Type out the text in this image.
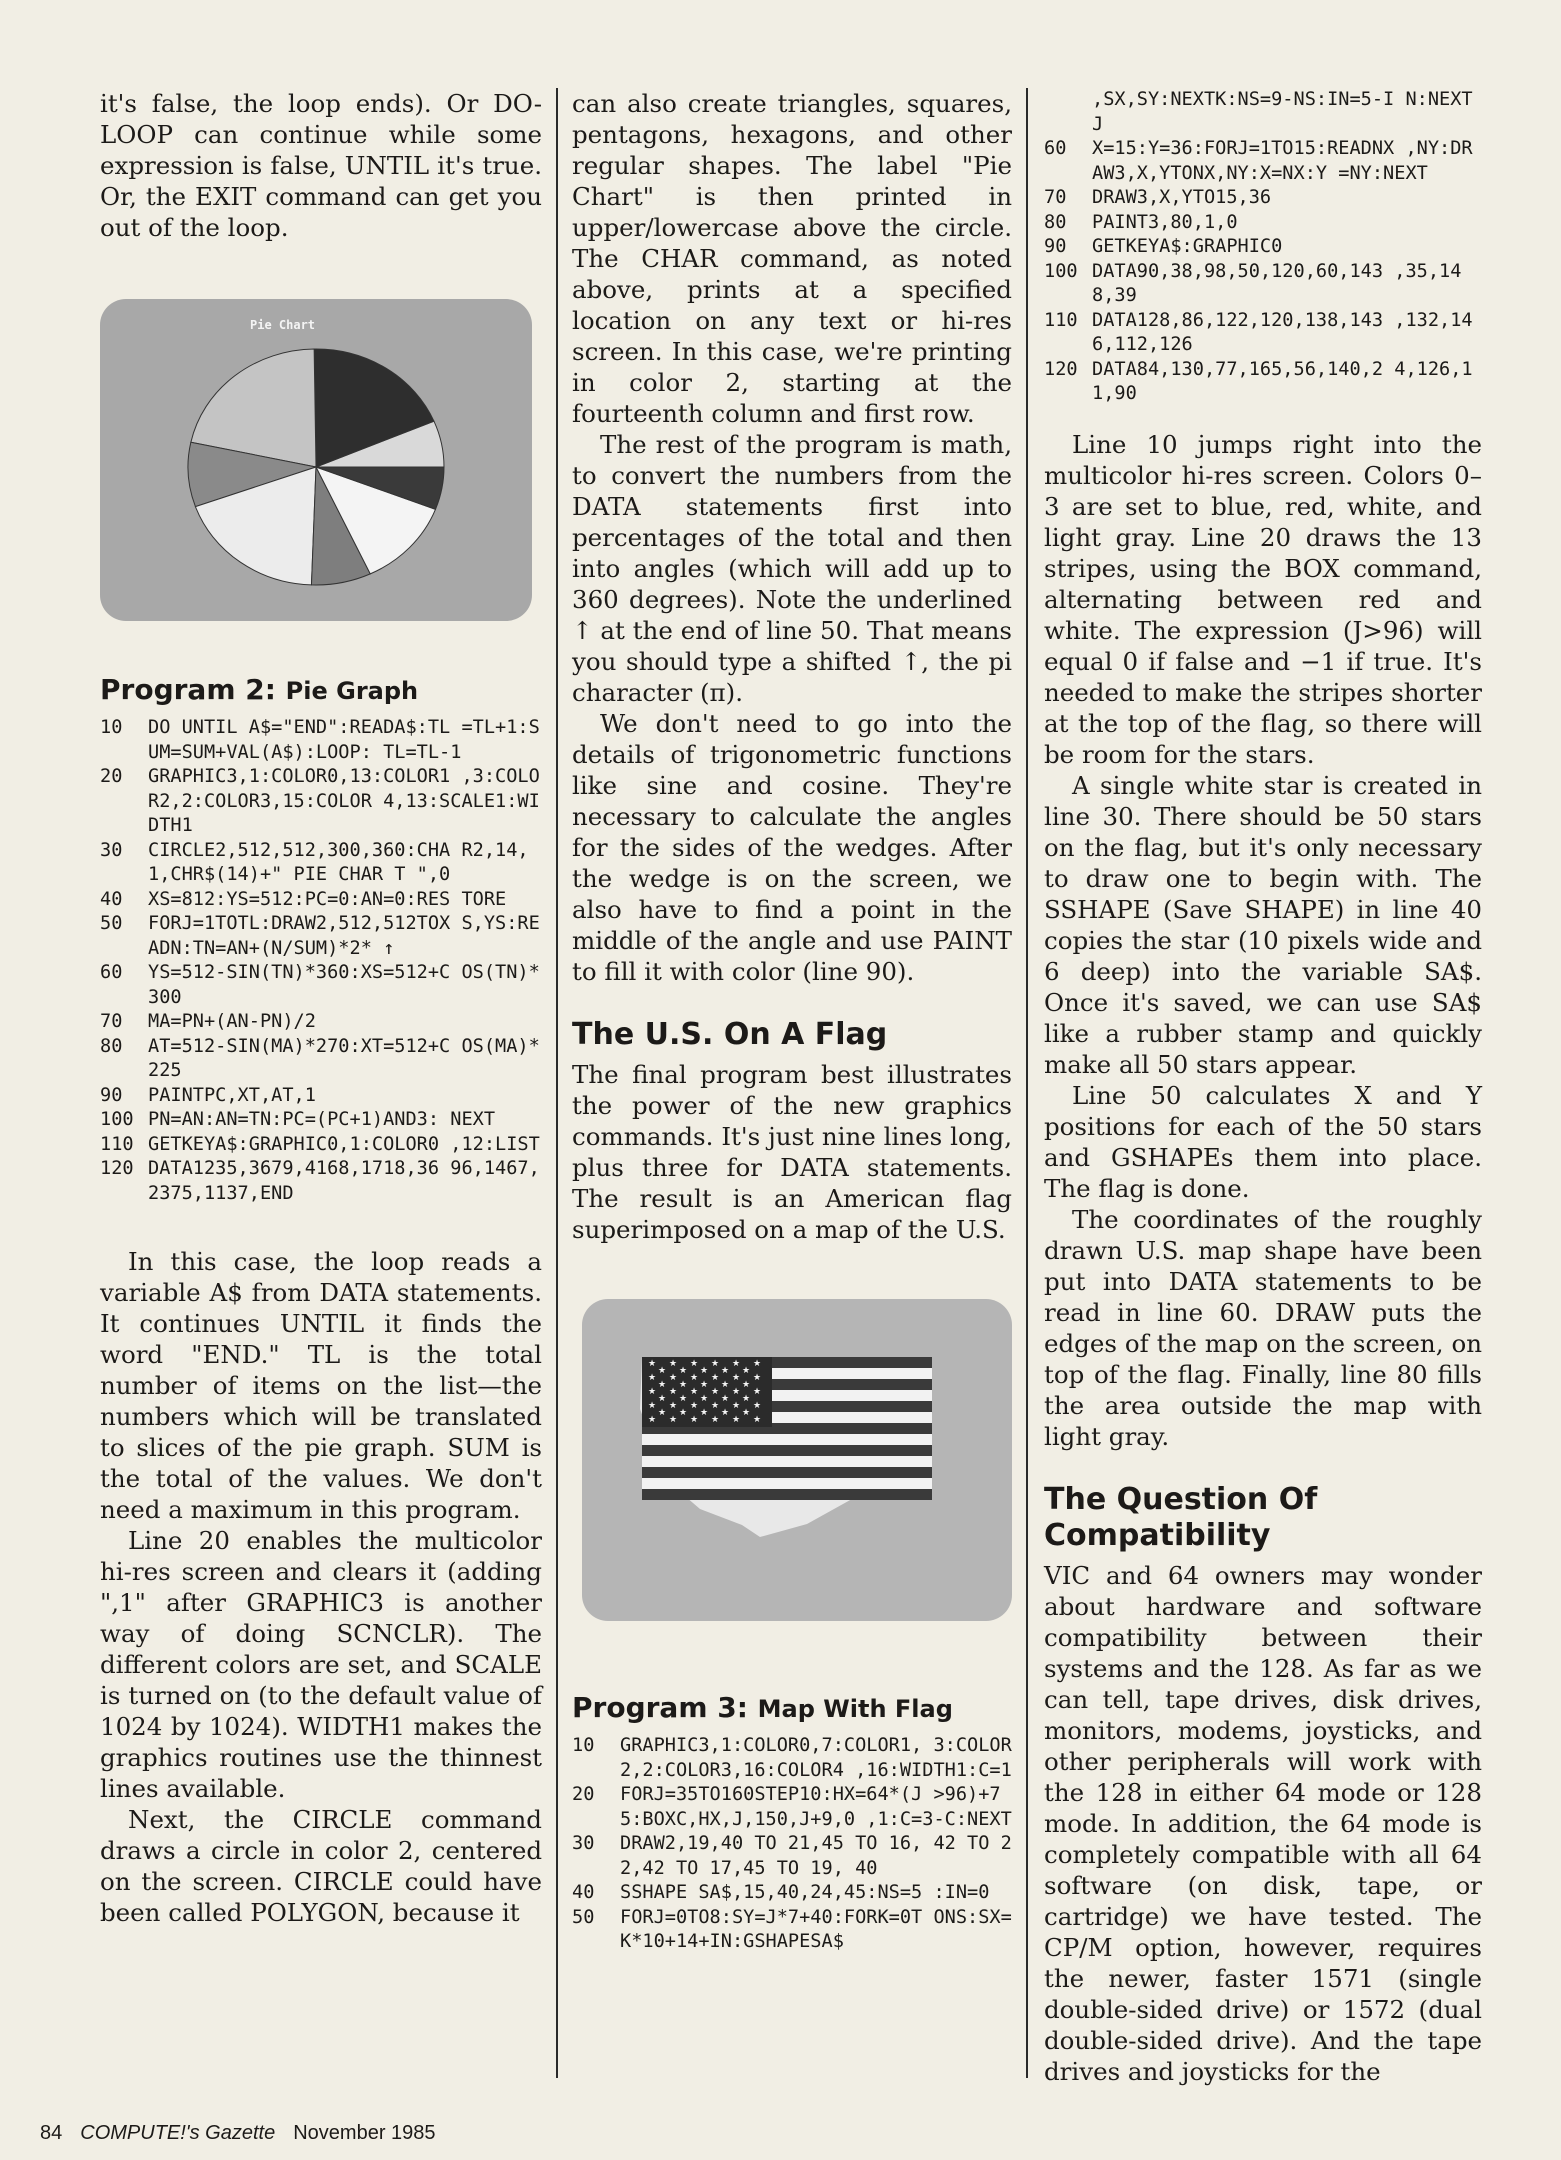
it's false, the loop ends). Or DO-LOOP can continue while some expression is false, UNTIL it's true. Or, the EXIT command can get you out of the loop.

Pie Chart
Program 2: Pie Graph
10	DO UNTIL A$="END":READA$:TL =TL+1:SUM=SUM+VAL(A$):LOOP: TL=TL-1
20	GRAPHIC3,1:COLOR0,13:COLOR1 ,3:COLOR2,2:COLOR3,15:COLOR 4,13:SCALE1:WIDTH1
30	CIRCLE2,512,512,300,360:CHA R2,14,1,CHR$(14)+" PIE CHAR T ",0
40	XS=812:YS=512:PC=0:AN=0:RES TORE
50	FORJ=1TOTL:DRAW2,512,512TOX S,YS:READN:TN=AN+(N/SUM)*2* ↑
60	YS=512-SIN(TN)*360:XS=512+C OS(TN)*300
70	MA=PN+(AN-PN)/2
80	AT=512-SIN(MA)*270:XT=512+C OS(MA)*225
90	PAINTPC,XT,AT,1
100 PN=AN:AN=TN:PC=(PC+1)AND3: NEXT
110 GETKEYA$:GRAPHIC0,1:COLOR0 ,12:LIST
120 DATA1235,3679,4168,1718,36 96,1467,2375,1137,END

In this case, the loop reads a variable A$ from DATA statements. It continues UNTIL it finds the word "END." TL is the total number of items on the list—the numbers which will be translated to slices of the pie graph. SUM is the total of the values. We don't need a maximum in this program.

Line 20 enables the multicolor hi-res screen and clears it (adding ",1" after GRAPHIC3 is another way of doing SCNCLR). The different colors are set, and SCALE is turned on (to the default value of 1024 by 1024). WIDTH1 makes the graphics routines use the thinnest lines available.

Next, the CIRCLE command draws a circle in color 2, centered on the screen. CIRCLE could have been called POLYGON, because it

can also create triangles, squares, pentagons, hexagons, and other regular shapes. The label "Pie Chart" is then printed in upper/lowercase above the circle. The CHAR command, as noted above, prints at a specified location on any text or hi-res screen. In this case, we're printing in color 2, starting at the fourteenth column and first row.

The rest of the program is math, to convert the numbers from the DATA statements first into percentages of the total and then into angles (which will add up to 360 degrees). Note the underlined ↑ at the end of line 50. That means you should type a shifted ↑, the pi character (π).

We don't need to go into the details of trigonometric functions like sine and cosine. They're necessary to calculate the angles for the sides of the wedges. After the wedge is on the screen, we also have to find a point in the middle of the angle and use PAINT to fill it with color (line 90).

The U.S. On A Flag

The final program best illustrates the power of the new graphics commands. It's just nine lines long, plus three for DATA statements. The result is an American flag superimposed on a map of the U.S.

★ ★ ★ ★ ★ ★
★ ★ ★ ★ ★
★ ★ ★ ★ ★ ★
★ ★ ★ ★ ★
★ ★ ★ ★ ★ ★
★ ★ ★ ★ ★
★ ★ ★ ★ ★ ★
★ ★ ★ ★ ★
★ ★ ★ ★ ★ ★
Program 3: Map With Flag
10	GRAPHIC3,1:COLOR0,7:COLOR1, 3:COLOR2,2:COLOR3,16:COLOR4 ,16:WIDTH1:C=1
20	FORJ=35TO160STEP10:HX=64*(J >96)+75:BOXC,HX,J,150,J+9,0 ,1:C=3-C:NEXT
30	DRAW2,19,40 TO 21,45 TO 16, 42 TO 22,42 TO 17,45 TO 19, 40
40	SSHAPE SA$,15,40,24,45:NS=5 :IN=0
50	FORJ=0TO8:SY=J*7+40:FORK=0T ONS:SX=K*10+14+IN:GSHAPESA$
,SX,SY:NEXTK:NS=9-NS:IN=5-I N:NEXTJ
60	X=15:Y=36:FORJ=1TO15:READNX ,NY:DRAW3,X,YTONX,NY:X=NX:Y =NY:NEXT
70	DRAW3,X,YTO15,36
80	PAINT3,80,1,0
90	GETKEYA$:GRAPHIC0
100 DATA90,38,98,50,120,60,143 ,35,148,39
110 DATA128,86,122,120,138,143 ,132,146,112,126
120 DATA84,130,77,165,56,140,2 4,126,11,90

Line 10 jumps right into the multicolor hi-res screen. Colors 0–3 are set to blue, red, white, and light gray. Line 20 draws the 13 stripes, using the BOX command, alternating between red and white. The expression (J>96) will equal 0 if false and −1 if true. It's needed to make the stripes shorter at the top of the flag, so there will be room for the stars.

A single white star is created in line 30. There should be 50 stars on the flag, but it's only necessary to draw one to begin with. The SSHAPE (Save SHAPE) in line 40 copies the star (10 pixels wide and 6 deep) into the variable SA$. Once it's saved, we can use SA$ like a rubber stamp and quickly make all 50 stars appear.

Line 50 calculates X and Y positions for each of the 50 stars and GSHAPEs them into place. The flag is done.

The coordinates of the roughly drawn U.S. map shape have been put into DATA statements to be read in line 60. DRAW puts the edges of the map on the screen, on top of the flag. Finally, line 80 fills the area outside the map with light gray.

The Question Of Compatibility

VIC and 64 owners may wonder about hardware and software compatibility between their systems and the 128. As far as we can tell, tape drives, disk drives, monitors, modems, joysticks, and other peripherals will work with the 128 in either 64 mode or 128 mode. In addition, the 64 mode is completely compatible with all 64 software (on disk, tape, or cartridge) we have tested. The CP/M option, however, requires the newer, faster 1571 (single double-sided drive) or 1572 (dual double-sided drive). And the tape drives and joysticks for the

84 COMPUTE!'s Gazette November 1985
